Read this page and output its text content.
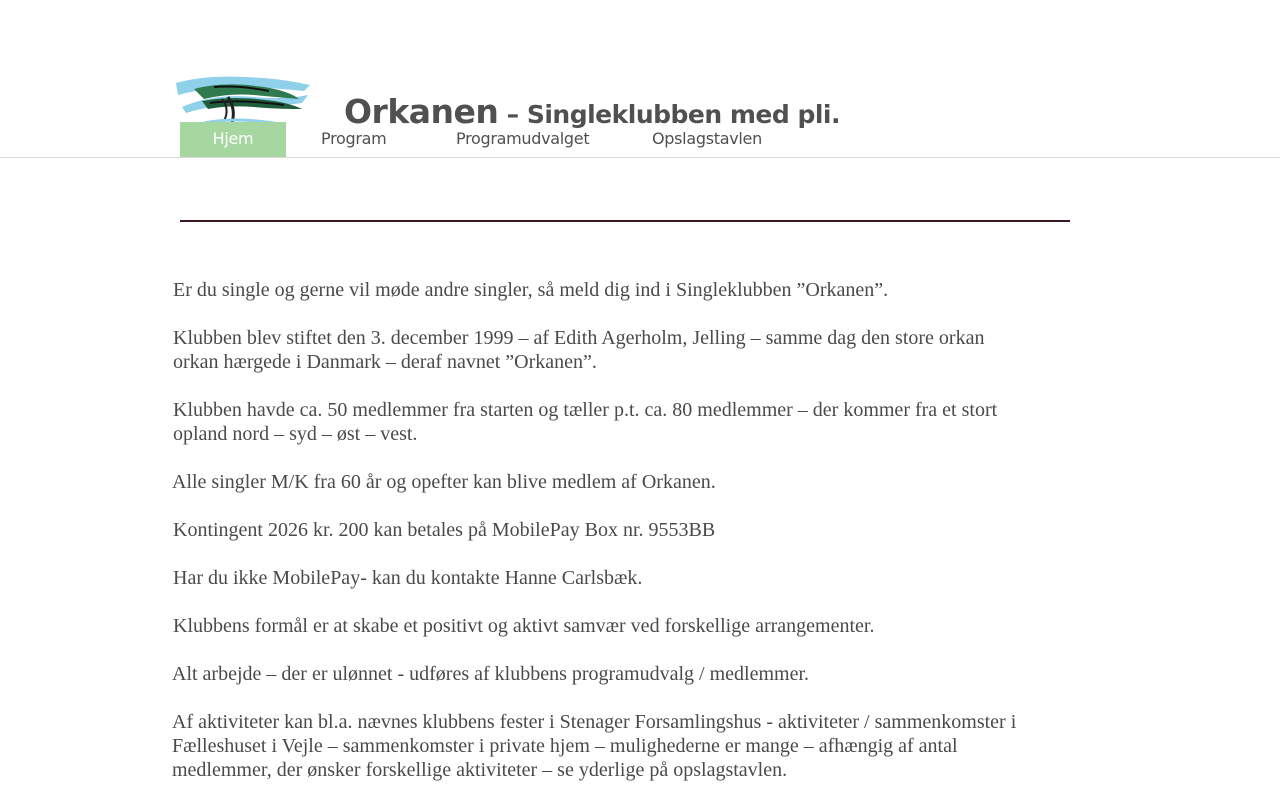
Orkanen – Singleklubben med pli.
Hjem	Program	Programudvalget	Opslagstavlen

Er du single og gerne vil møde andre singler, så meld dig ind i Singleklubben ”Orkanen”.

Klubben blev stiftet den 3. december 1999 – af Edith Agerholm, Jelling – samme dag den store orkan orkan hærgede i Danmark – deraf navnet ”Orkanen”.

Klubben havde ca. 50 medlemmer fra starten og tæller p.t. ca. 80 medlemmer – der kommer fra et stort opland nord – syd – øst – vest.

Alle singler M/K fra 60 år og opefter kan blive medlem af Orkanen.

Kontingent 2026 kr. 200 kan betales på MobilePay Box nr. 9553BB

Har du ikke MobilePay- kan du kontakte Hanne Carlsbæk.

Klubbens formål er at skabe et positivt og aktivt samvær ved forskellige arrangementer.

Alt arbejde – der er ulønnet - udføres af klubbens programudvalg / medlemmer.

Af aktiviteter kan bl.a. nævnes klubbens fester i Stenager Forsamlingshus - aktiviteter / sammenkomster i Fælleshuset i Vejle – sammenkomster i private hjem – mulighederne er mange – afhængig af antal medlemmer, der ønsker forskellige aktiviteter – se yderlige på opslagstavlen.
